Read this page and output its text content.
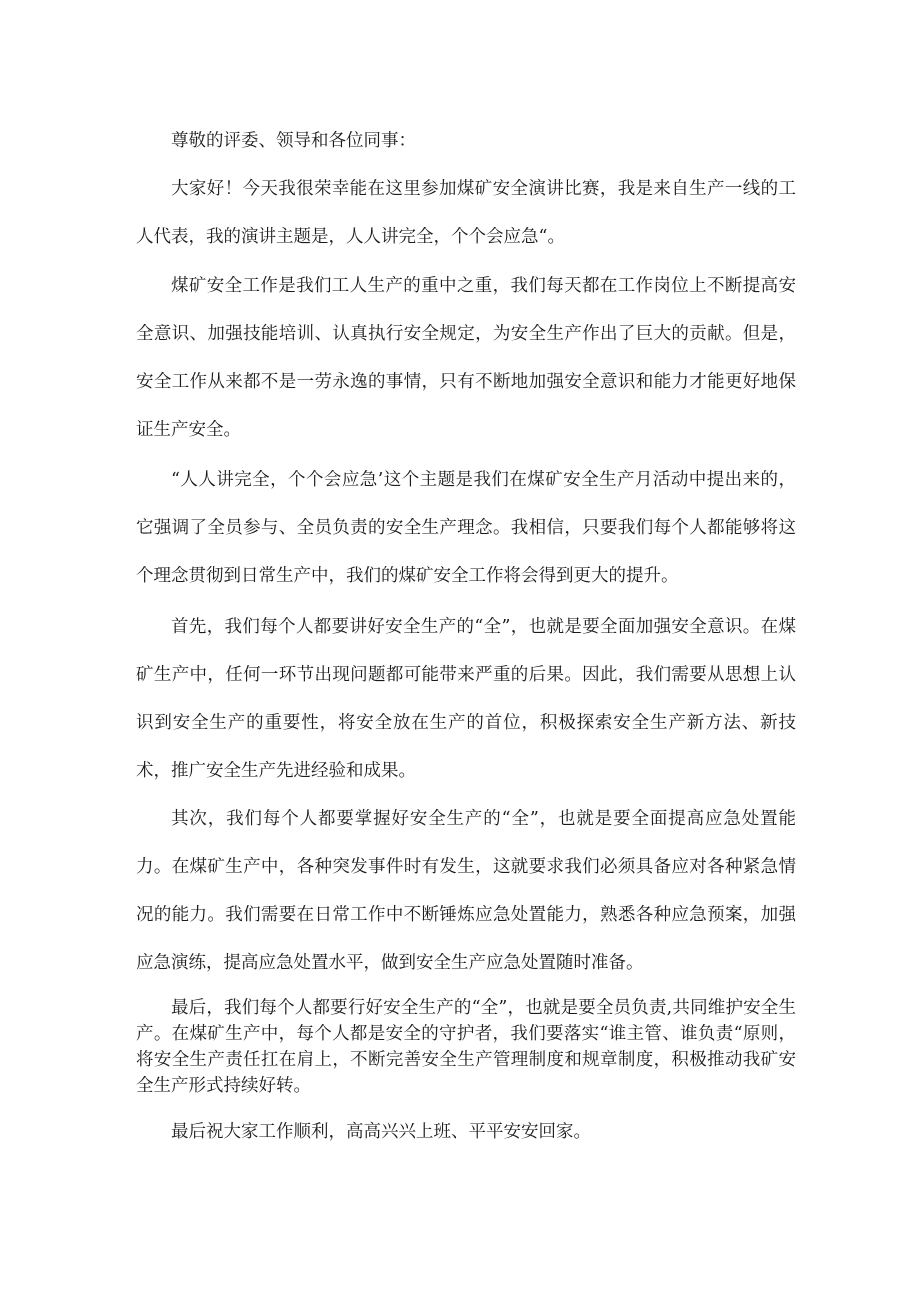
尊敬的评委、领导和各位同事：

大家好！今天我很荣幸能在这里参加煤矿安全演讲比赛，我是来自生产一线的工人代表，我的演讲主题是，人人讲完全，个个会应急“。

煤矿安全工作是我们工人生产的重中之重，我们每天都在工作岗位上不断提高安全意识、加强技能培训、认真执行安全规定，为安全生产作出了巨大的贡献。但是，安全工作从来都不是一劳永逸的事情，只有不断地加强安全意识和能力才能更好地保证生产安全。

“人人讲完全，个个会应急’这个主题是我们在煤矿安全生产月活动中提出来的，它强调了全员参与、全员负责的安全生产理念。我相信，只要我们每个人都能够将这个理念贯彻到日常生产中，我们的煤矿安全工作将会得到更大的提升。

首先，我们每个人都要讲好安全生产的“全”，也就是要全面加强安全意识。在煤矿生产中，任何一环节出现问题都可能带来严重的后果。因此，我们需要从思想上认识到安全生产的重要性，将安全放在生产的首位，积极探索安全生产新方法、新技术，推广安全生产先进经验和成果。

其次，我们每个人都要掌握好安全生产的“全”，也就是要全面提高应急处置能力。在煤矿生产中，各种突发事件时有发生，这就要求我们必须具备应对各种紧急情况的能力。我们需要在日常工作中不断锤炼应急处置能力，熟悉各种应急预案，加强应急演练，提高应急处置水平，做到安全生产应急处置随时准备。

最后，我们每个人都要行好安全生产的“全”，也就是要全员负责,共同维护安全生产。在煤矿生产中，每个人都是安全的守护者，我们要落实“谁主管、谁负责“原则，将安全生产责任扛在肩上，不断完善安全生产管理制度和规章制度，积极推动我矿安全生产形式持续好转。

最后祝大家工作顺利，高高兴兴上班、平平安安回家。
